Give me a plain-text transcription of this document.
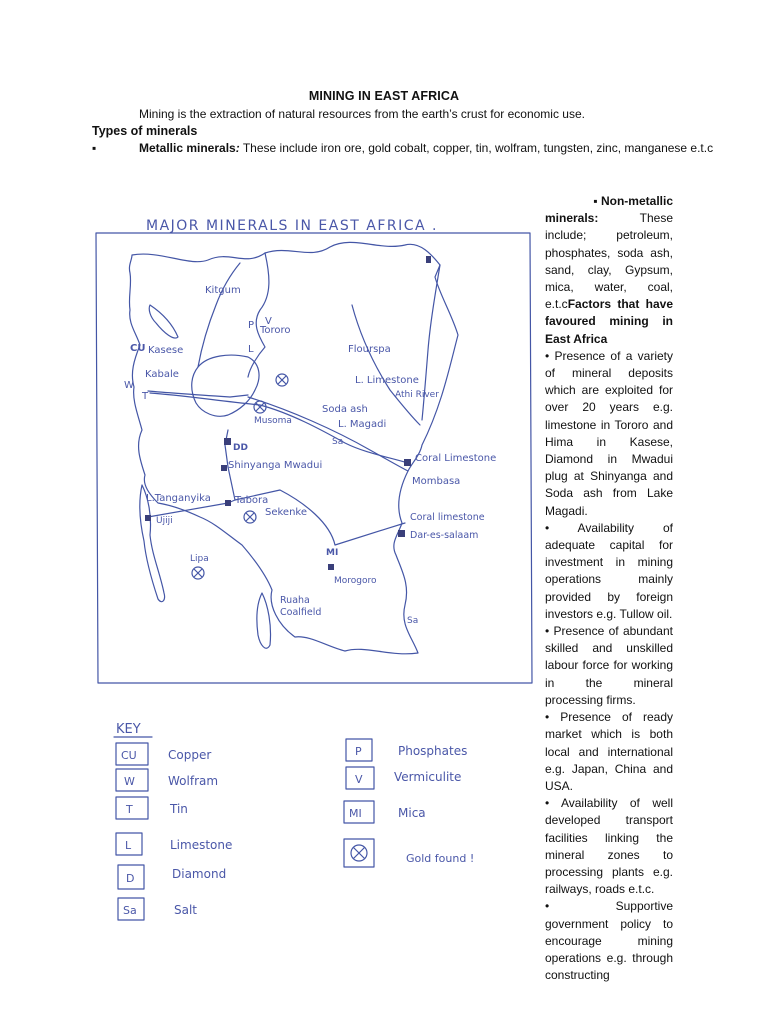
MINING IN EAST AFRICA
Mining is the extraction of natural resources from the earth’s crust for economic use.
Types of minerals
▪	Metallic minerals: These include iron ore, gold cobalt, copper, tin, wolfram, tungsten, zinc, manganese e.t.c

▪ Non-metallic

minerals: These include; petroleum, phosphates, soda ash, sand, clay, Gypsum, mica, water, coal, e.t.cFactors that have favoured mining in East Africa

• Presence of a variety of mineral deposits which are exploited for over 20 years e.g. limestone in Tororo and Hima in Kasese, Diamond in Mwadui plug at Shinyanga and Soda ash from Lake Magadi.

• Availability of adequate capital for investment in mining operations mainly provided by foreign investors e.g. Tullow oil.

• Presence of abundant skilled and unskilled labour force for working in the mineral processing firms.

• Presence of ready market which is both local and international e.g. Japan, China and USA.

• Availability of well developed transport facilities linking the mineral zones to processing plants e.g. railways, roads e.t.c.

• Supportive government policy to encourage mining operations e.g. through constructing

MAJOR MINERALS IN EAST AFRICA .
Kitgum
P V
Tororo
L
CU Kasese
Kabale
W
T
Flourspa
L. Limestone
Athi River
Soda ash
L. Magadi
Sa
Musoma
DD
Shinyanga Mwadui
Coral Limestone
Mombasa
L.Tanganyika Tabora
Ujiji
Sekenke	Coral limestone
Dar-es-salaam
MI
Lipa
Morogoro
Ruaha
Coalfield
Sa
KEY
CU	Copper
W	Wolfram
T	Tin
L	Limestone
D	Diamond
Sa	Salt
P	Phosphates
V	Vermiculite
MI	Mica
Gold found !
